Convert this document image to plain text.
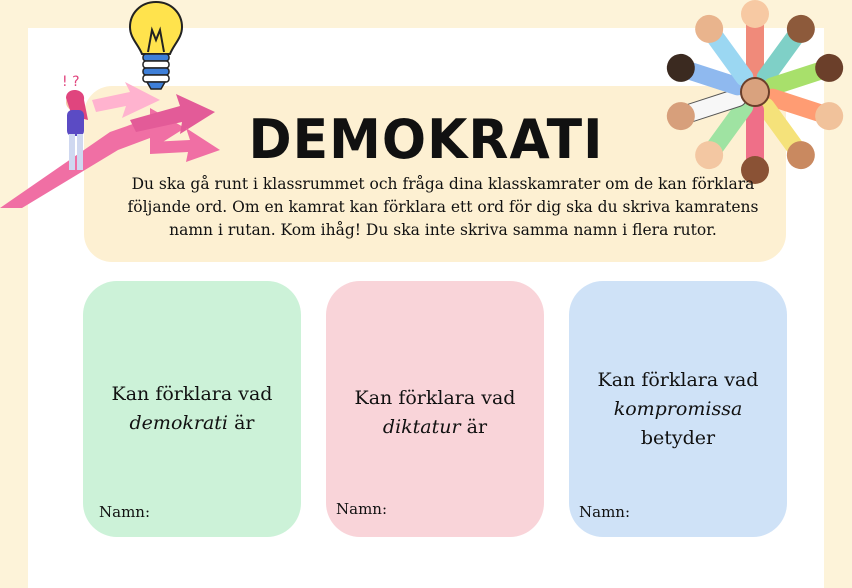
! ?
DEMOKRATI
Du ska gå runt i klassrummet och fråga dina klasskamrater om de kan förklara följande ord. Om en kamrat kan förklara ett ord för dig ska du skriva kamratens namn i rutan. Kom ihåg! Du ska inte skriva samma namn i flera rutor.
Kan förklara vad
demokrati är
Namn:
Kan förklara vad
diktatur är
Namn:
Kan förklara vad
kompromissa
betyder
Namn:
